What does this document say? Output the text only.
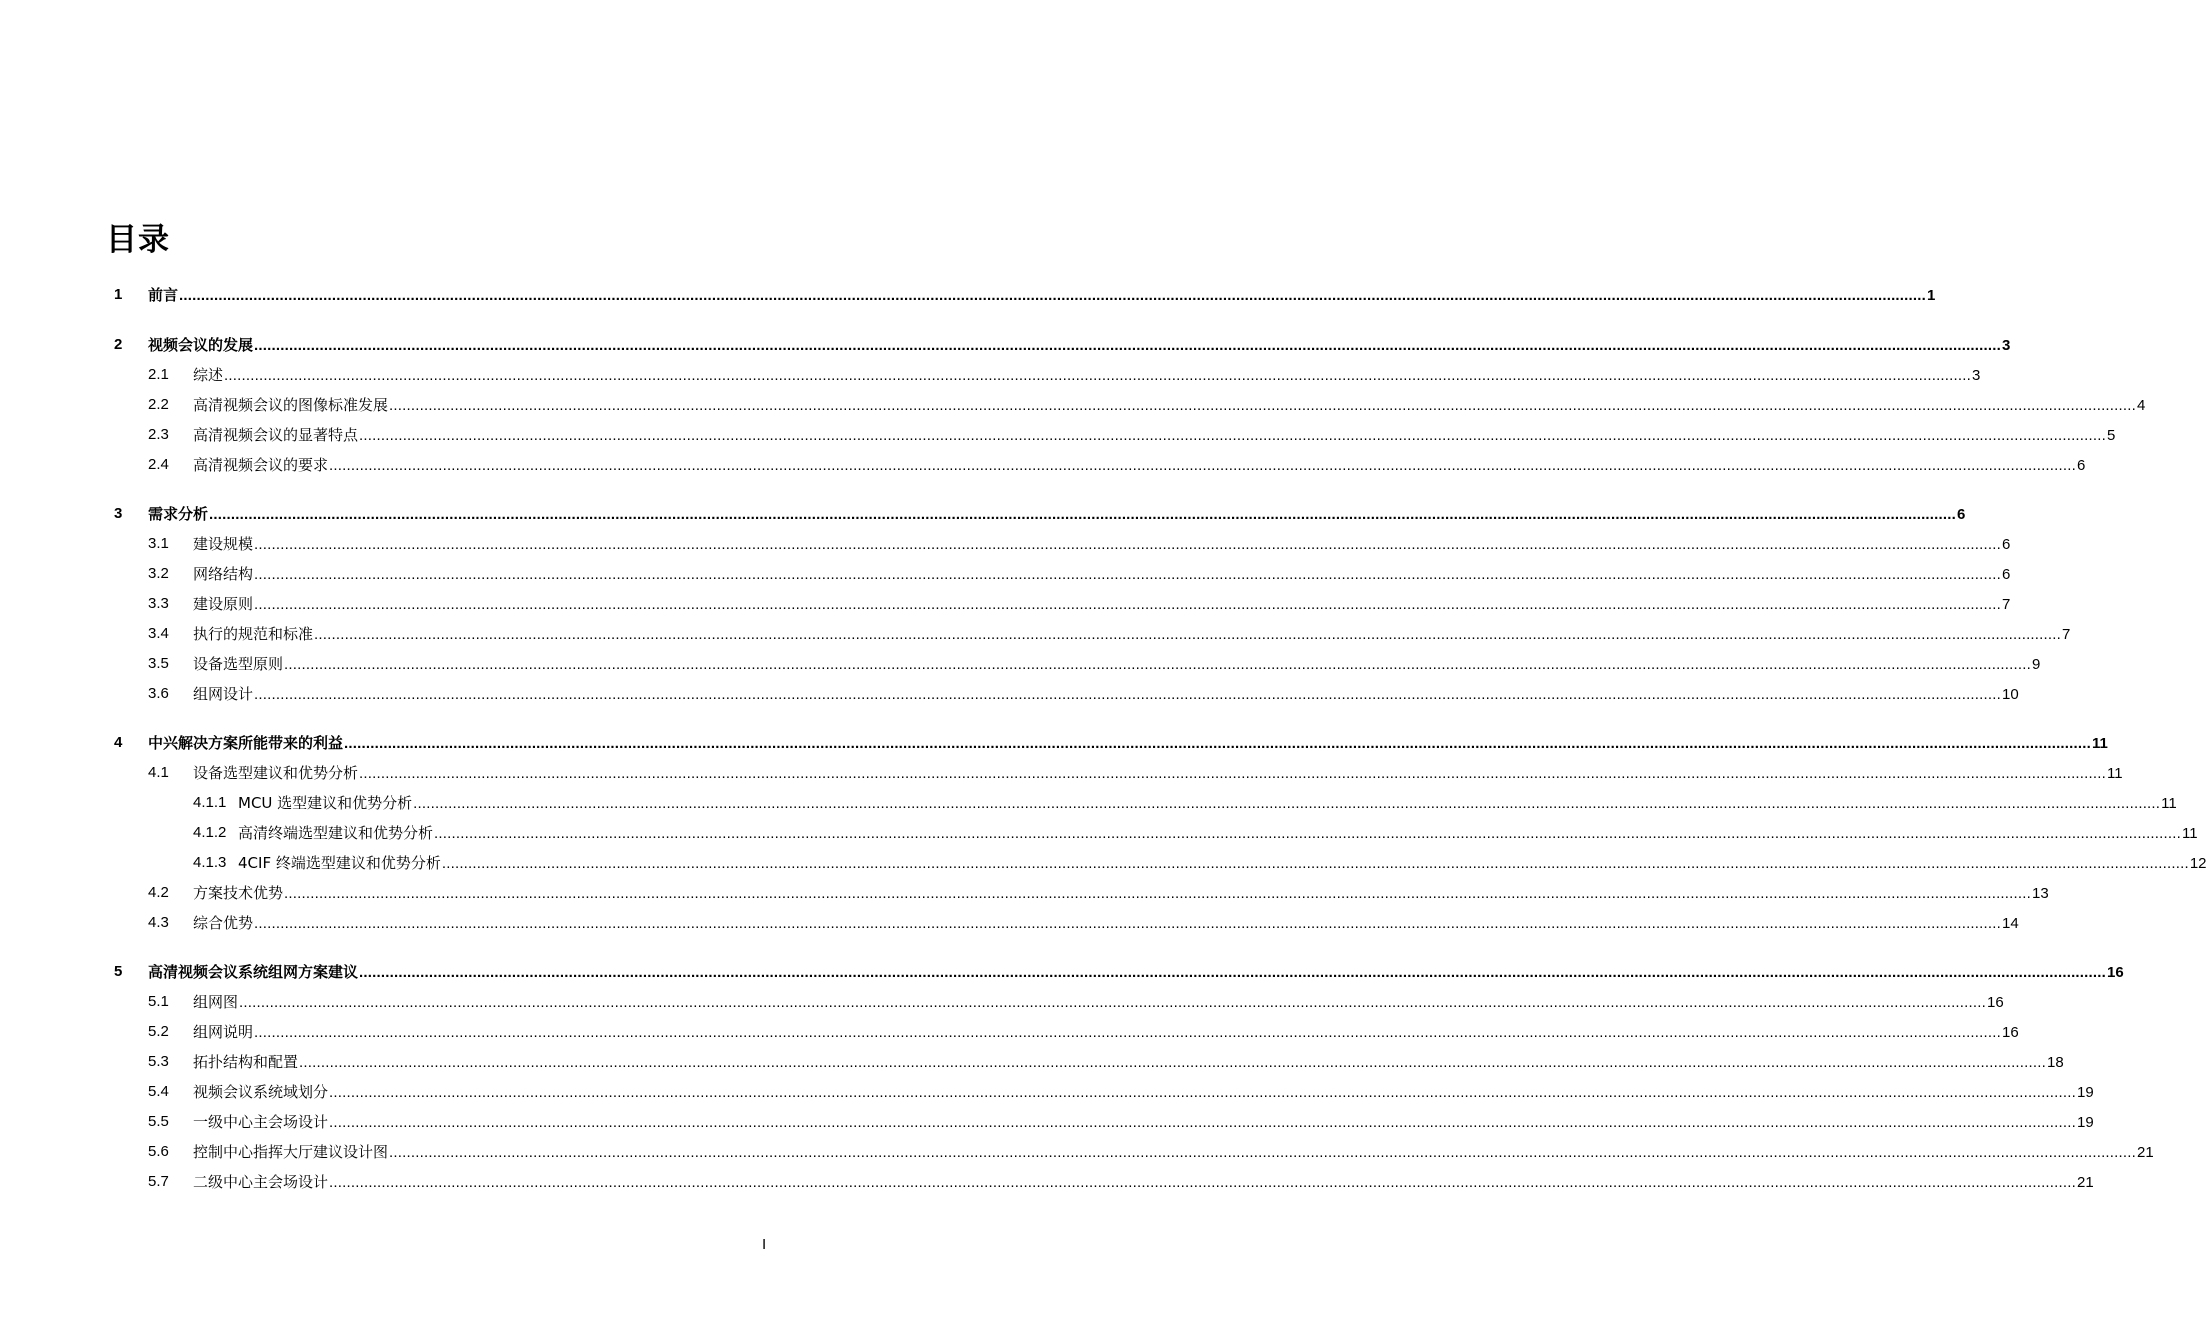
目录
1 前言 ................................................................................................................................................................................................................................................................................................................................................................................................................ 1
2 视频会议的发展 ................................................................................................................................................................................................................................................................................................................................................................................................................ 3
2.1 综述 ................................................................................................................................................................................................................................................................................................................................................................................................................ 3
2.2 高清视频会议的图像标准发展 ................................................................................................................................................................................................................................................................................................................................................................................................................ 4
2.3 高清视频会议的显著特点 ................................................................................................................................................................................................................................................................................................................................................................................................................ 5
2.4 高清视频会议的要求 ................................................................................................................................................................................................................................................................................................................................................................................................................ 6
3 需求分析 ................................................................................................................................................................................................................................................................................................................................................................................................................ 6
3.1 建设规模 ................................................................................................................................................................................................................................................................................................................................................................................................................ 6
3.2 网络结构 ................................................................................................................................................................................................................................................................................................................................................................................................................ 6
3.3 建设原则 ................................................................................................................................................................................................................................................................................................................................................................................................................ 7
3.4 执行的规范和标准 ................................................................................................................................................................................................................................................................................................................................................................................................................ 7
3.5 设备选型原则 ................................................................................................................................................................................................................................................................................................................................................................................................................ 9
3.6 组网设计 ................................................................................................................................................................................................................................................................................................................................................................................................................ 10
4 中兴解决方案所能带来的利益 ................................................................................................................................................................................................................................................................................................................................................................................................................ 11
4.1 设备选型建议和优势分析 ................................................................................................................................................................................................................................................................................................................................................................................................................ 11
4.1.1 MCU 选型建议和优势分析 ................................................................................................................................................................................................................................................................................................................................................................................................................ 11
4.1.2 高清终端选型建议和优势分析 ................................................................................................................................................................................................................................................................................................................................................................................................................ 11
4.1.3 4CIF 终端选型建议和优势分析 ................................................................................................................................................................................................................................................................................................................................................................................................................ 12
4.2 方案技术优势 ................................................................................................................................................................................................................................................................................................................................................................................................................ 13
4.3 综合优势 ................................................................................................................................................................................................................................................................................................................................................................................................................ 14
5 高清视频会议系统组网方案建议 ................................................................................................................................................................................................................................................................................................................................................................................................................ 16
5.1 组网图 ................................................................................................................................................................................................................................................................................................................................................................................................................ 16
5.2 组网说明 ................................................................................................................................................................................................................................................................................................................................................................................................................ 16
5.3 拓扑结构和配置 ................................................................................................................................................................................................................................................................................................................................................................................................................ 18
5.4 视频会议系统域划分 ................................................................................................................................................................................................................................................................................................................................................................................................................ 19
5.5 一级中心主会场设计 ................................................................................................................................................................................................................................................................................................................................................................................................................ 19
5.6 控制中心指挥大厅建议设计图 ................................................................................................................................................................................................................................................................................................................................................................................................................ 21
5.7 二级中心主会场设计 ................................................................................................................................................................................................................................................................................................................................................................................................................ 21
I
